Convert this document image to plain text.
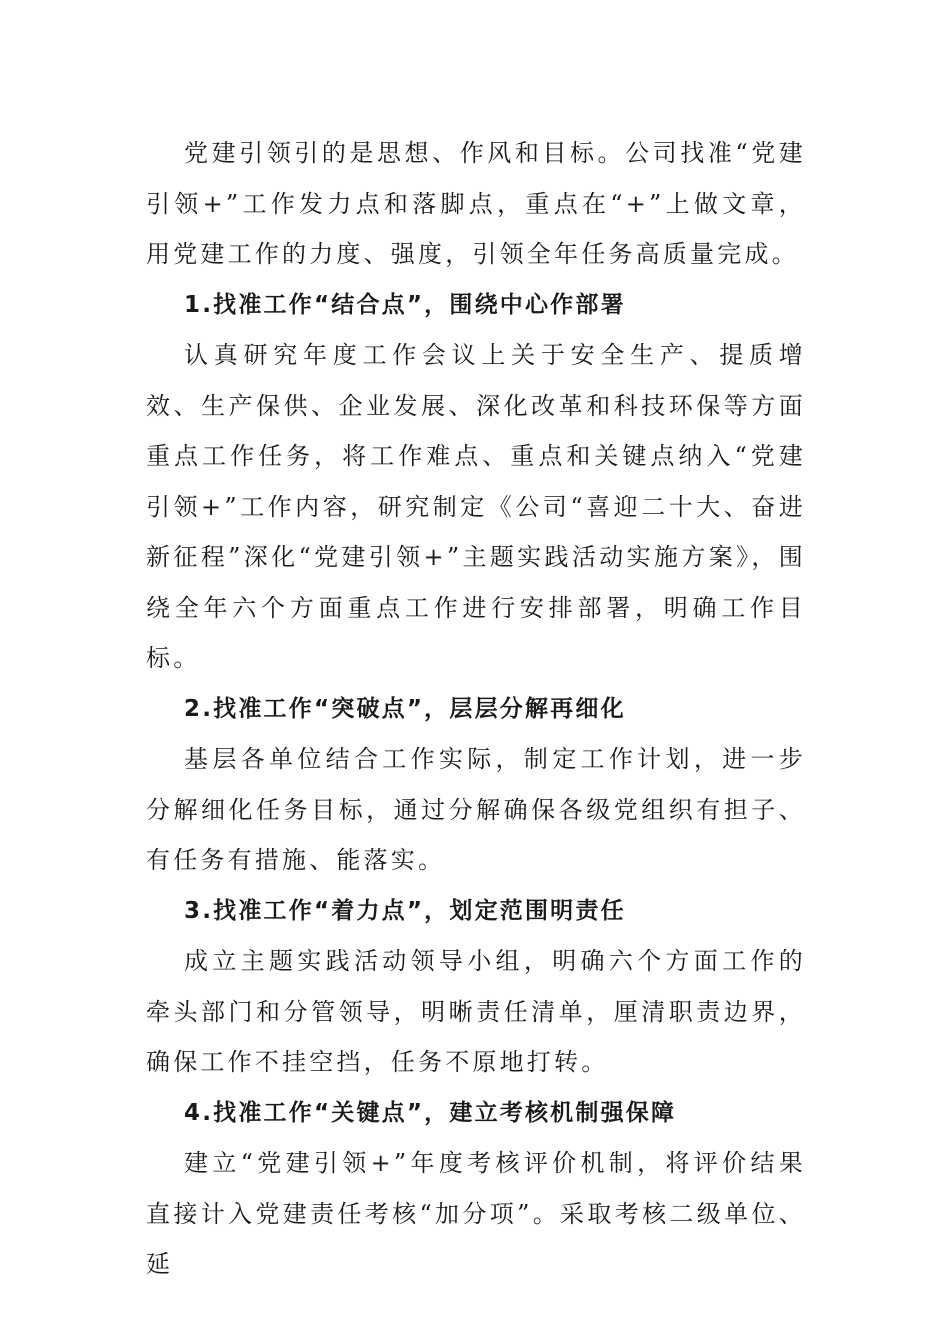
党建引领引的是思想、作风和目标。公司找准“党建引领+”工作发力点和落脚点，重点在“+”上做文章，用党建工作的力度、强度，引领全年任务高质量完成。

1.找准工作“结合点”，围绕中心作部署

认真研究年度工作会议上关于安全生产、提质增效、生产保供、企业发展、深化改革和科技环保等方面重点工作任务，将工作难点、重点和关键点纳入“党建引领+”工作内容，研究制定《公司“喜迎二十大、奋进新征程”深化“党建引领+”主题实践活动实施方案》，围绕全年六个方面重点工作进行安排部署，明确工作目标。

2.找准工作“突破点”，层层分解再细化

基层各单位结合工作实际，制定工作计划，进一步分解细化任务目标，通过分解确保各级党组织有担子、有任务有措施、能落实。

3.找准工作“着力点”，划定范围明责任

成立主题实践活动领导小组，明确六个方面工作的牵头部门和分管领导，明晰责任清单，厘清职责边界，确保工作不挂空挡，任务不原地打转。

4.找准工作“关键点”，建立考核机制强保障

建立“党建引领+”年度考核评价机制，将评价结果直接计入党建责任考核“加分项”。采取考核二级单位、延
